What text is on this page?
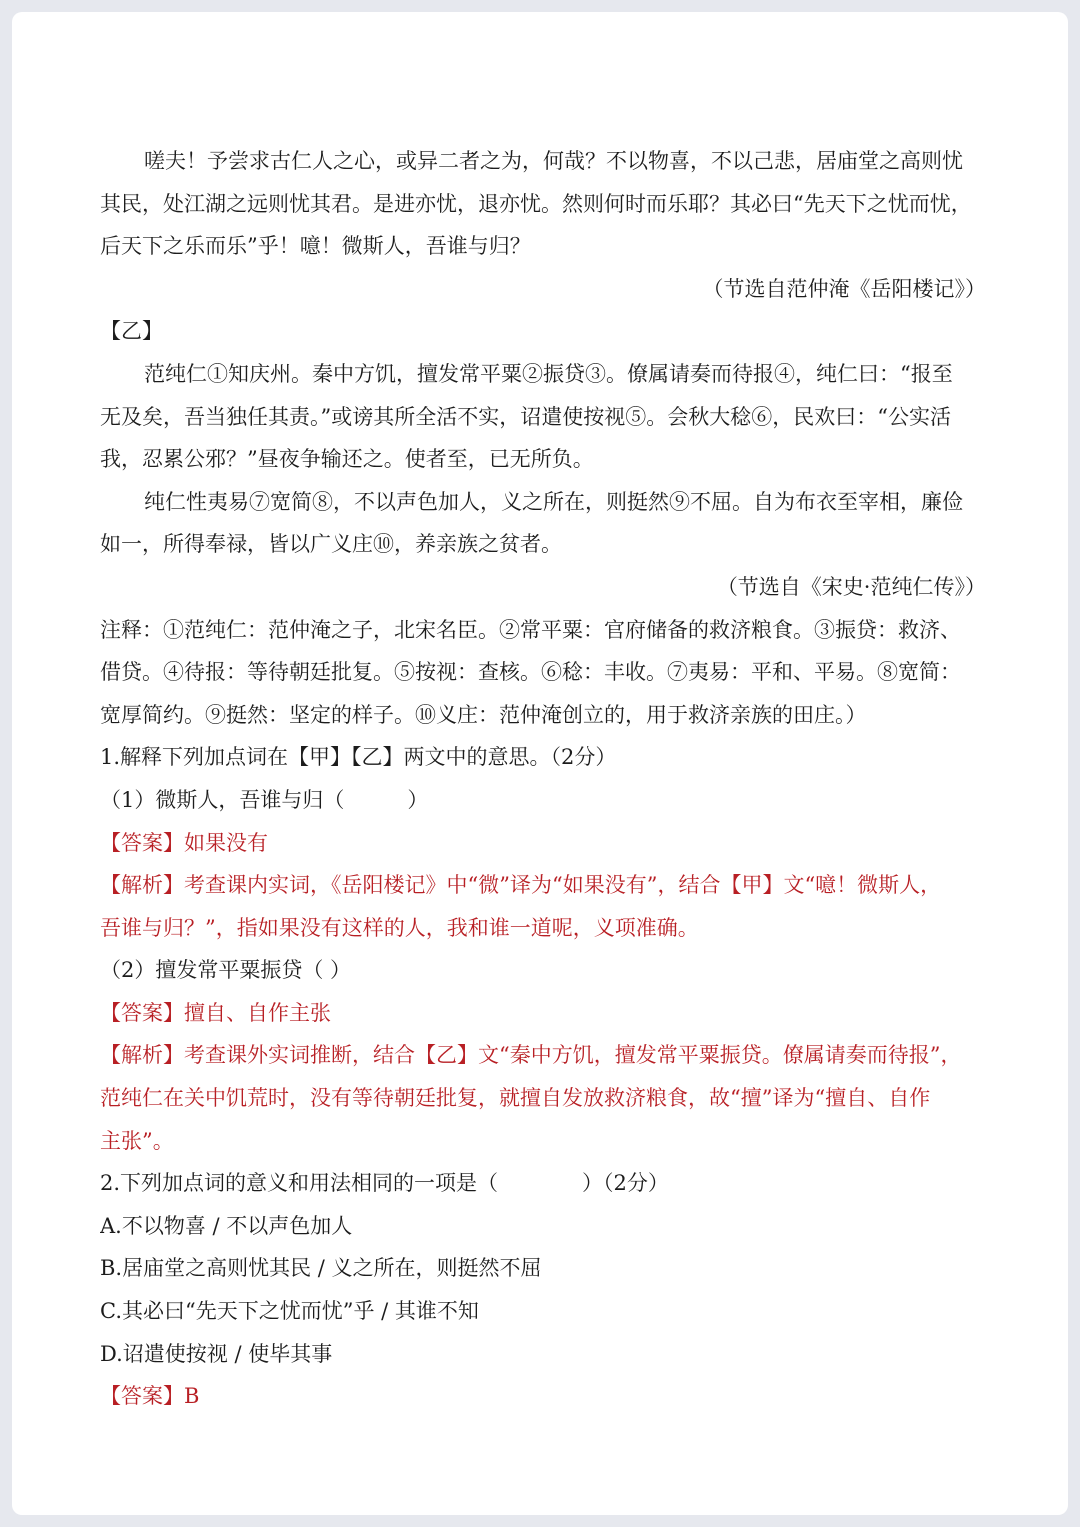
嗟夫！予尝求古仁人之心，或异二者之为，何哉？不以物喜，不以己悲，居庙堂之高则忧
其民，处江湖之远则忧其君。是进亦忧，退亦忧。然则何时而乐耶？其必曰“先天下之忧而忧，
后天下之乐而乐”乎！噫！微斯人，吾谁与归？
（节选自范仲淹《岳阳楼记》）
【乙】
范纯仁①知庆州。秦中方饥，擅发常平粟②振贷③。僚属请奏而待报④，纯仁曰：“报至
无及矣，吾当独任其责。”或谤其所全活不实，诏遣使按视⑤。会秋大稔⑥，民欢曰：“公实活
我，忍累公邪？”昼夜争输还之。使者至，已无所负。
纯仁性夷易⑦宽简⑧，不以声色加人，义之所在，则挺然⑨不屈。自为布衣至宰相，廉俭
如一，所得奉禄，皆以广义庄⑩，养亲族之贫者。
（节选自《宋史·范纯仁传》）
注释：①范纯仁：范仲淹之子，北宋名臣。②常平粟：官府储备的救济粮食。③振贷：救济、
借贷。④待报：等待朝廷批复。⑤按视：查核。⑥稔：丰收。⑦夷易：平和、平易。⑧宽简：
宽厚简约。⑨挺然：坚定的样子。⑩义庄：范仲淹创立的，用于救济亲族的田庄。）
1.解释下列加点词在【甲】【乙】两文中的意思。（2分）
（1）微斯人，吾谁与归（　　　）
【答案】如果没有
【解析】考查课内实词，《岳阳楼记》中“微”译为“如果没有”，结合【甲】文“噫！微斯人，
吾谁与归？”，指如果没有这样的人，我和谁一道呢，义项准确。
（2）擅发常平粟振贷（ ）
【答案】擅自、自作主张
【解析】考查课外实词推断，结合【乙】文“秦中方饥，擅发常平粟振贷。僚属请奏而待报”，
范纯仁在关中饥荒时，没有等待朝廷批复，就擅自发放救济粮食，故“擅”译为“擅自、自作
主张”。
2.下列加点词的意义和用法相同的一项是（　　　　）（2分）
A.不以物喜 / 不以声色加人
B.居庙堂之高则忧其民 / 义之所在，则挺然不屈
C.其必曰“先天下之忧而忧”乎 / 其谁不知
D.诏遣使按视 / 使毕其事
【答案】B
